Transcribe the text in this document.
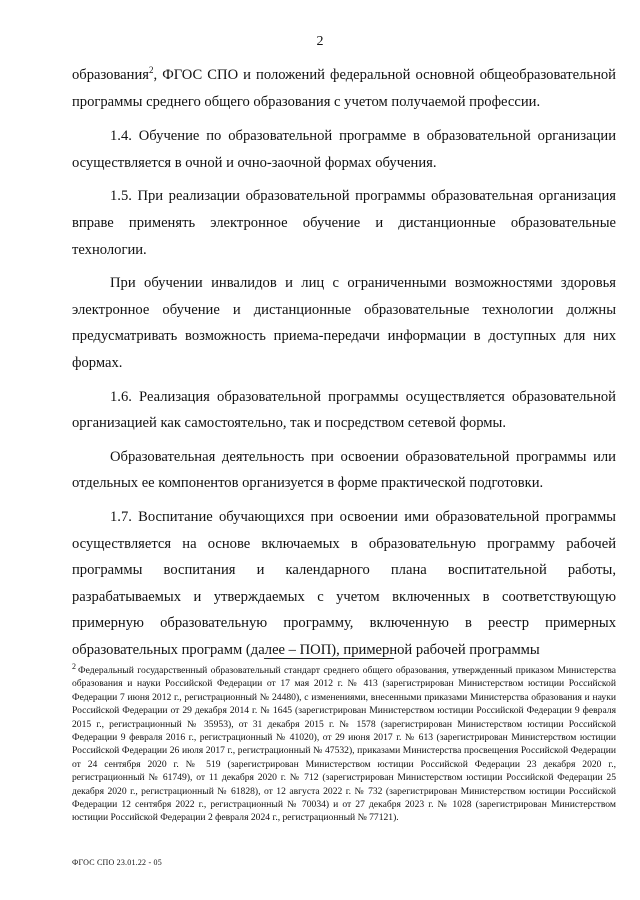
2

образования$^2$, ФГОС СПО и положений федеральной основной общеобразовательной программы среднего общего образования с учетом получаемой профессии.

1.4. Обучение по образовательной программе в образовательной организации осуществляется в очной и очно-заочной формах обучения.

1.5. При реализации образовательной программы образовательная организация вправе применять электронное обучение и дистанционные образовательные технологии.

При обучении инвалидов и лиц с ограниченными возможностями здоровья электронное обучение и дистанционные образовательные технологии должны предусматривать возможность приема-передачи информации в доступных для них формах.

1.6. Реализация образовательной программы осуществляется образовательной организацией как самостоятельно, так и посредством сетевой формы.

Образовательная деятельность при освоении образовательной программы или отдельных ее компонентов организуется в форме практической подготовки.

1.7. Воспитание обучающихся при освоении ими образовательной программы осуществляется на основе включаемых в образовательную программу рабочей программы воспитания и календарного плана воспитательной работы, разрабатываемых и утверждаемых с учетом включенных в соответствующую примерную образовательную программу, включенную в реестр примерных образовательных программ (далее – ПОП), примерной рабочей программы

$^2$ Федеральный государственный образовательный стандарт среднего общего образования, утвержденный приказом Министерства образования и науки Российской Федерации от 17 мая 2012 г. № 413 (зарегистрирован Министерством юстиции Российской Федерации 7 июня 2012 г., регистрационный № 24480), с изменениями, внесенными приказами Министерства образования и науки Российской Федерации от 29 декабря 2014 г. № 1645 (зарегистрирован Министерством юстиции Российской Федерации 9 февраля 2015 г., регистрационный № 35953), от 31 декабря 2015 г. № 1578 (зарегистрирован Министерством юстиции Российской Федерации 9 февраля 2016 г., регистрационный № 41020), от 29 июня 2017 г. № 613 (зарегистрирован Министерством юстиции Российской Федерации 26 июля 2017 г., регистрационный № 47532), приказами Министерства просвещения Российской Федерации от 24 сентября 2020 г. № 519 (зарегистрирован Министерством юстиции Российской Федерации 23 декабря 2020 г., регистрационный № 61749), от 11 декабря 2020 г. № 712 (зарегистрирован Министерством юстиции Российской Федерации 25 декабря 2020 г., регистрационный № 61828), от 12 августа 2022 г. № 732 (зарегистрирован Министерством юстиции Российской Федерации 12 сентября 2022 г., регистрационный № 70034) и от 27 декабря 2023 г. № 1028 (зарегистрирован Министерством юстиции Российской Федерации 2 февраля 2024 г., регистрационный № 77121).
ФГОС СПО 23.01.22 - 05
